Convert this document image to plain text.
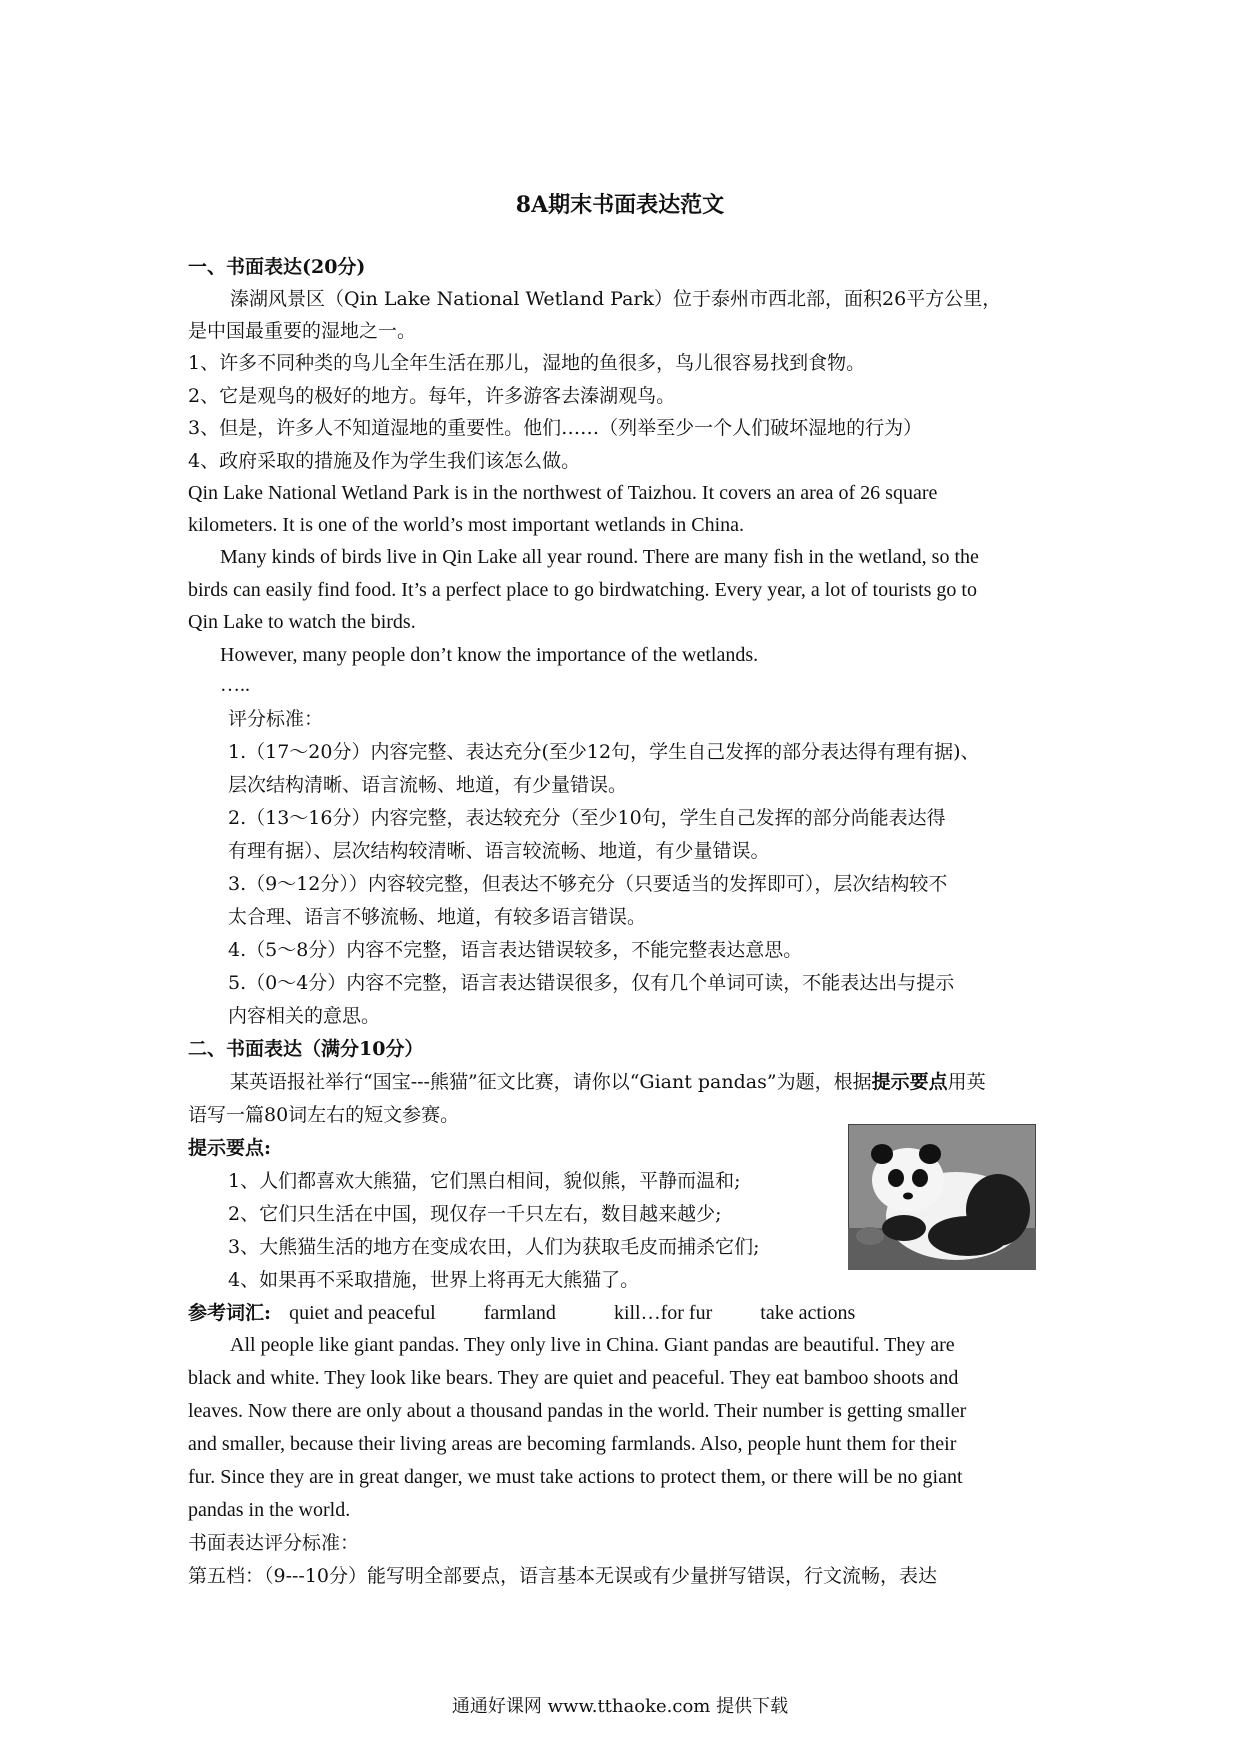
8A期末书面表达范文
一、书面表达(20分)
溱湖风景区（Qin Lake National Wetland Park）位于泰州市西北部，面积26平方公里，
是中国最重要的湿地之一。
1、许多不同种类的鸟儿全年生活在那儿，湿地的鱼很多，鸟儿很容易找到食物。
2、它是观鸟的极好的地方。每年，许多游客去溱湖观鸟。
3、但是，许多人不知道湿地的重要性。他们……（列举至少一个人们破坏湿地的行为）
4、政府采取的措施及作为学生我们该怎么做。
Qin Lake National Wetland Park is in the northwest of Taizhou. It covers an area of 26 square
kilometers. It is one of the world’s most important wetlands in China.
Many kinds of birds live in Qin Lake all year round. There are many fish in the wetland, so the
birds can easily find food. It’s a perfect place to go birdwatching. Every year, a lot of tourists go to
Qin Lake to watch the birds.
However, many people don’t know the importance of the wetlands.
…..
评分标准：
1.（17～20分）内容完整、表达充分(至少12句，学生自己发挥的部分表达得有理有据)、
层次结构清晰、语言流畅、地道，有少量错误。
2.（13～16分）内容完整，表达较充分（至少10句，学生自己发挥的部分尚能表达得
有理有据）、层次结构较清晰、语言较流畅、地道，有少量错误。
3.（9～12分））内容较完整，但表达不够充分（只要适当的发挥即可），层次结构较不
太合理、语言不够流畅、地道，有较多语言错误。
4.（5～8分）内容不完整，语言表达错误较多，不能完整表达意思。
5.（0～4分）内容不完整，语言表达错误很多，仅有几个单词可读，不能表达出与提示
内容相关的意思。
二、书面表达（满分10分）
某英语报社举行“国宝---熊猫”征文比赛，请你以“Giant pandas”为题，根据提示要点用英
语写一篇80词左右的短文参赛。
提示要点:
1、人们都喜欢大熊猫，它们黑白相间，貌似熊，平静而温和;
2、它们只生活在中国，现仅存一千只左右，数目越来越少;
3、大熊猫生活的地方在变成农田，人们为获取毛皮而捕杀它们;
4、如果再不采取措施，世界上将再无大熊猫了。
参考词汇: quiet and peaceful farmland	kill…for fur take actions
All people like giant pandas. They only live in China. Giant pandas are beautiful. They are
black and white. They look like bears. They are quiet and peaceful. They eat bamboo shoots and
leaves. Now there are only about a thousand pandas in the world. Their number is getting smaller
and smaller, because their living areas are becoming farmlands. Also, people hunt them for their
fur. Since they are in great danger, we must take actions to protect them, or there will be no giant
pandas in the world.
书面表达评分标准：
第五档：（9---10分）能写明全部要点，语言基本无误或有少量拼写错误，行文流畅，表达
通通好课网 www.tthaoke.com 提供下载
